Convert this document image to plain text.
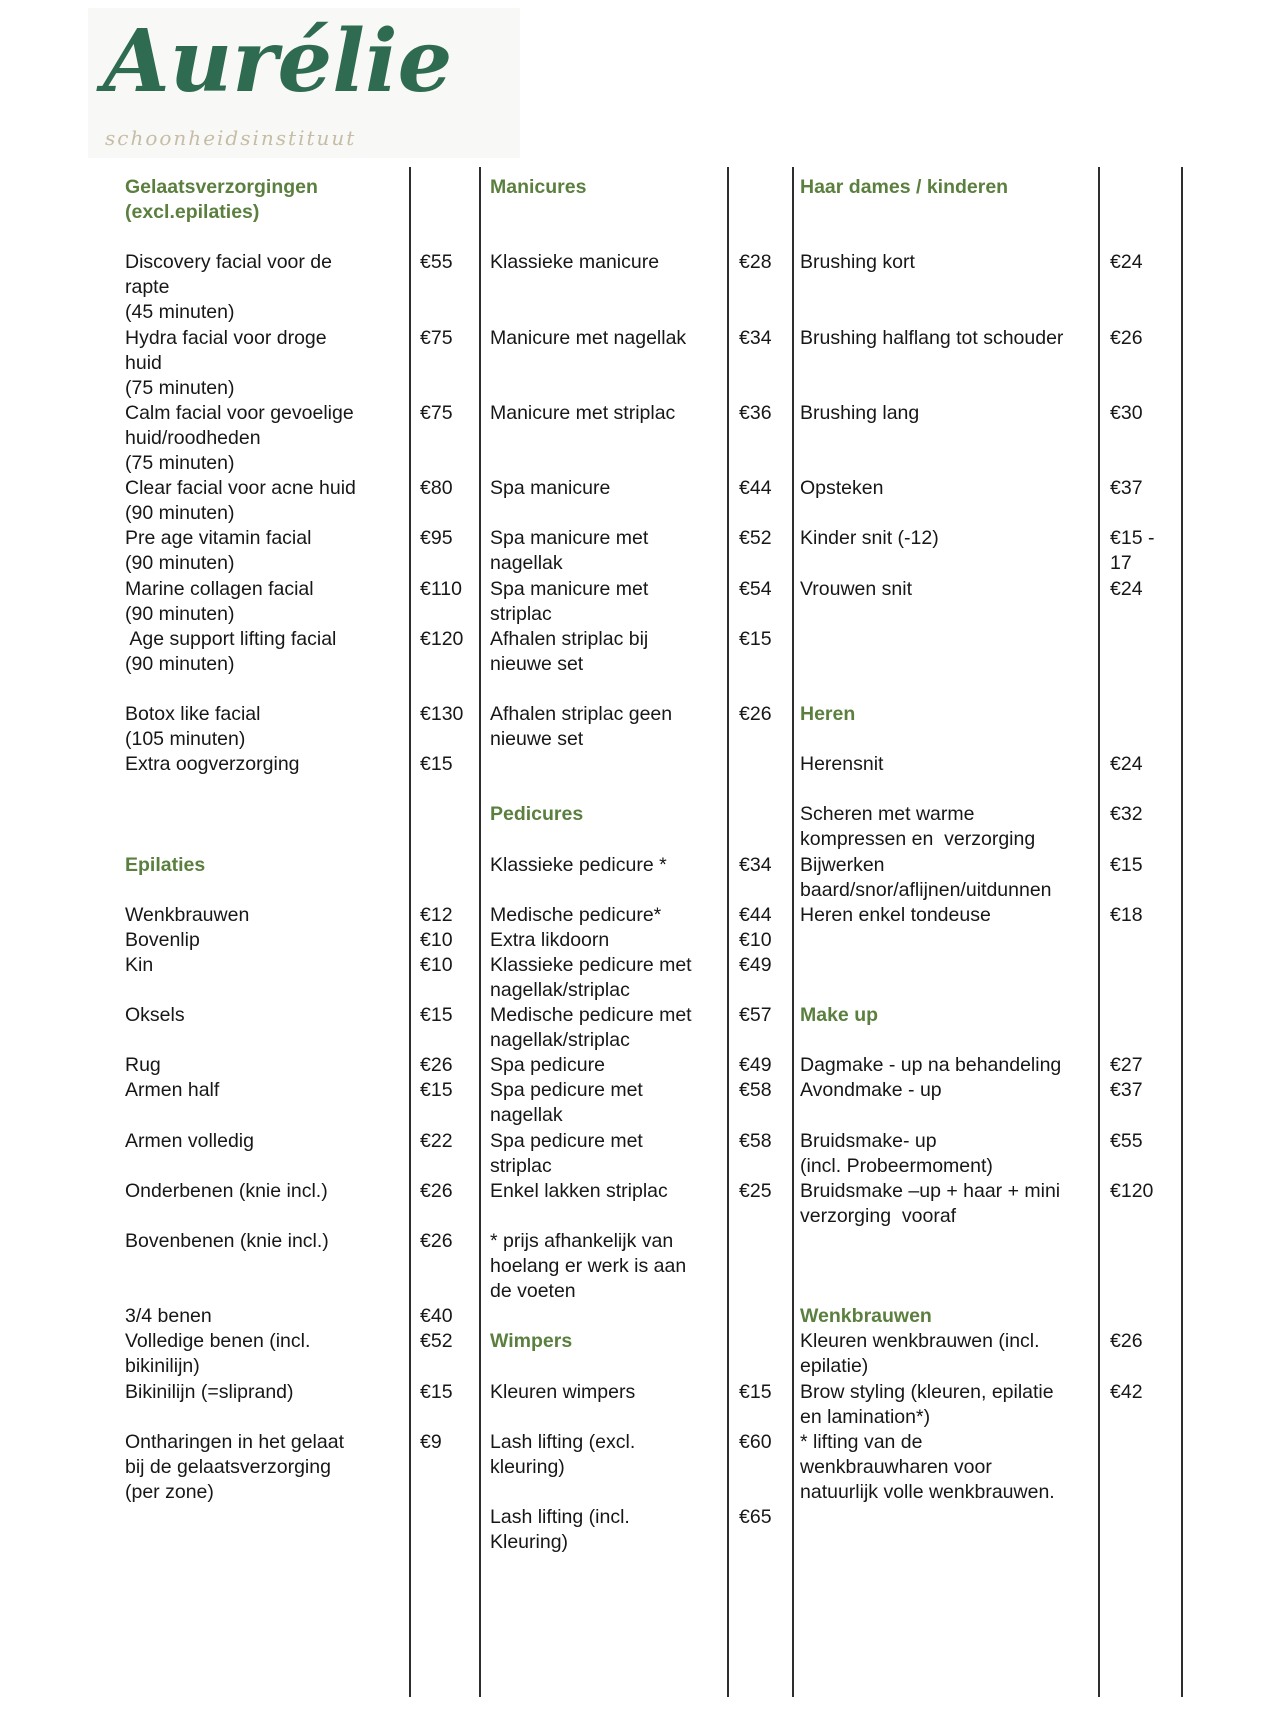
Aurélie
schoonheidsinstituut
Gelaatsverzorgingen
(excl.epilaties)

Discovery facial voor de
rapte
(45 minuten)
Hydra facial voor droge
huid
(75 minuten)
Calm facial voor gevoelige
huid/roodheden
(75 minuten)
Clear facial voor acne huid
(90 minuten)
Pre age vitamin facial
(90 minuten)
Marine collagen facial
(90 minuten)
Age support lifting facial
(90 minuten)

Botox like facial
(105 minuten)
Extra oogverzorging

Epilaties

Wenkbrauwen
Bovenlip
Kin

Oksels

Rug
Armen half

Armen volledig

Onderbenen (knie incl.)

Bovenbenen (knie incl.)

3/4 benen
Volledige benen (incl.
bikinilijn)
Bikinilijn (=sliprand)

Ontharingen in het gelaat
bij de gelaatsverzorging
(per zone)

€55

€75

€75

€80

€95

€110

€120

€130

€15

€12
€10
€10

€15

€26
€15

€22

€26

€26

€40
€52

€15

€9

Manicures

Klassieke manicure

Manicure met nagellak

Manicure met striplac

Spa manicure

Spa manicure met
nagellak
Spa manicure met
striplac
Afhalen striplac bij
nieuwe set

Afhalen striplac geen
nieuwe set

Pedicures

Klassieke pedicure *

Medische pedicure*
Extra likdoorn
Klassieke pedicure met
nagellak/striplac
Medische pedicure met
nagellak/striplac
Spa pedicure
Spa pedicure met
nagellak
Spa pedicure met
striplac
Enkel lakken striplac

* prijs afhankelijk van
hoelang er werk is aan
de voeten

Wimpers

Kleuren wimpers

Lash lifting (excl.
kleuring)

Lash lifting (incl.
Kleuring)

€28

€34

€36

€44

€52

€54

€15

€26

€34

€44
€10
€49

€57

€49
€58

€58

€25

€15

€60

€65

Haar dames / kinderen

Brushing kort

Brushing halflang tot schouder

Brushing lang

Opsteken

Kinder snit (-12)

Vrouwen snit

Heren

Herensnit

Scheren met warme
kompressen en  verzorging
Bijwerken
baard/snor/aflijnen/uitdunnen
Heren enkel tondeuse

Make up

Dagmake - up na behandeling
Avondmake - up

Bruidsmake- up
(incl. Probeermoment)
Bruidsmake –up + haar + mini
verzorging  vooraf

Wenkbrauwen
Kleuren wenkbrauwen (incl.
epilatie)
Brow styling (kleuren, epilatie
en lamination*)
* lifting van de
wenkbrauwharen voor
natuurlijk volle wenkbrauwen.

€24

€26

€30

€37

€15 -
17
€24

€24

€32

€15

€18

€27
€37

€55

€120

€26

€42
